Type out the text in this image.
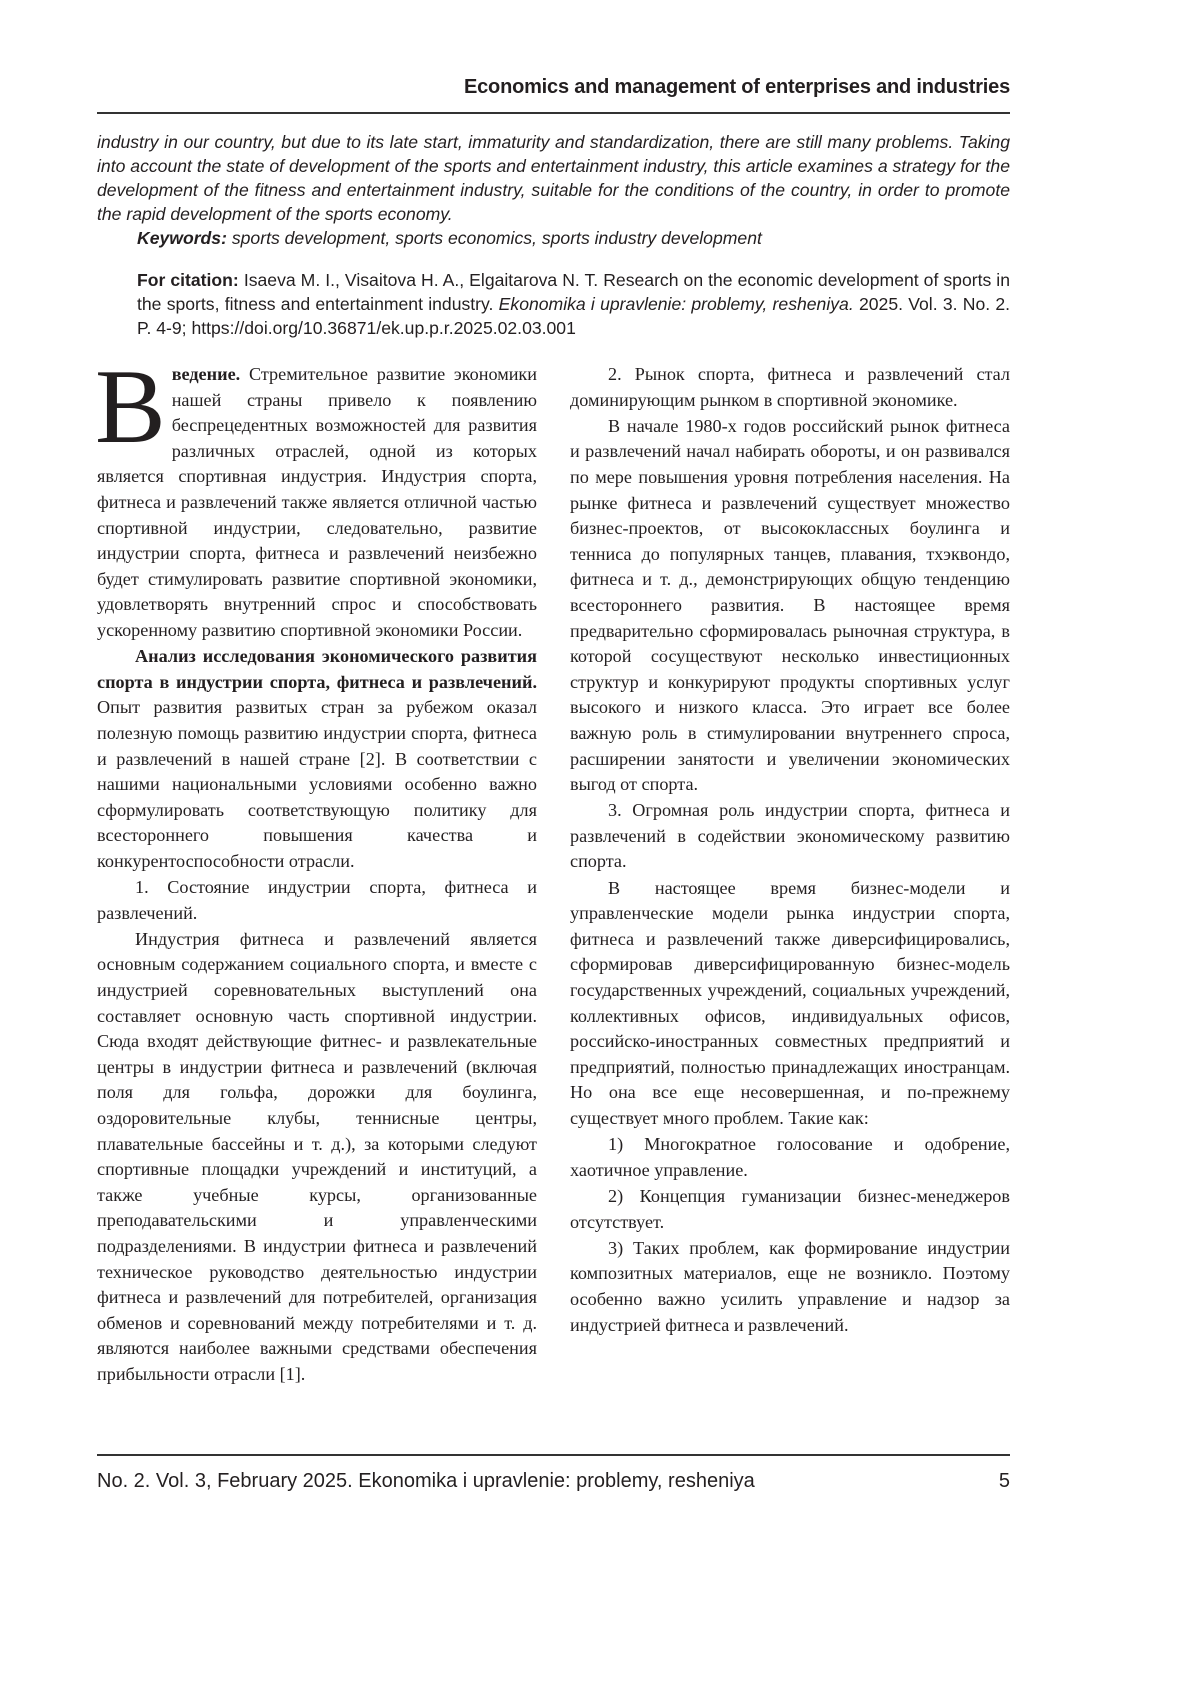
Economics and management of enterprises and industries

industry in our country, but due to its late start, immaturity and standardization, there are still many problems. Taking into account the state of development of the sports and entertainment industry, this article examines a strategy for the development of the fitness and entertainment industry, suitable for the conditions of the country, in order to promote the rapid development of the sports economy.

Keywords: sports development, sports economics, sports industry development

For citation: Isaeva M. I., Visaitova H. A., Elgaitarova N. T. Research on the economic development of sports in the sports, fitness and entertainment industry. Ekonomika i upravlenie: problemy, resheniya. 2025. Vol. 3. No. 2. P. 4-9; https://doi.org/10.36871/ek.up.p.r.2025.02.03.001

В ведение. Стремительное развитие экономики нашей страны привело к появлению беспрецедентных возможностей для развития различных отраслей, одной из которых является спортивная индустрия. Индустрия спорта, фитнеса и развлечений также является отличной частью спортивной индустрии, следовательно, развитие индустрии спорта, фитнеса и развлечений неизбежно будет стимулировать развитие спортивной экономики, удовлетворять внутренний спрос и способствовать ускоренному развитию спортивной экономики России.

Анализ исследования экономического развития спорта в индустрии спорта, фитнеса и развлечений. Опыт развития развитых стран за рубежом оказал полезную помощь развитию индустрии спорта, фитнеса и развлечений в нашей стране [2]. В соответствии с нашими национальными условиями особенно важно сформулировать соответствующую политику для всестороннего повышения качества и конкурентоспособности отрасли.

1. Состояние индустрии спорта, фитнеса и развлечений.

Индустрия фитнеса и развлечений является основным содержанием социального спорта, и вместе с индустрией соревновательных выступлений она составляет основную часть спортивной индустрии. Сюда входят действующие фитнес- и развлекательные центры в индустрии фитнеса и развлечений (включая поля для гольфа, дорожки для боулинга, оздоровительные клубы, теннисные центры, плавательные бассейны и т. д.), за которыми следуют спортивные площадки учреждений и институций, а также учебные курсы, организованные преподавательскими и управленческими подразделениями. В индустрии фитнеса и развлечений техническое руководство деятельностью индустрии фитнеса и развлечений для потребителей, организация обменов и соревнований между потребителями и т. д. являются наиболее важными средствами обеспечения прибыльности отрасли [1].

2. Рынок спорта, фитнеса и развлечений стал доминирующим рынком в спортивной экономике.

В начале 1980-х годов российский рынок фитнеса и развлечений начал набирать обороты, и он развивался по мере повышения уровня потребления населения. На рынке фитнеса и развлечений существует множество бизнес-проектов, от высококлассных боулинга и тенниса до популярных танцев, плавания, тхэквондо, фитнеса и т. д., демонстрирующих общую тенденцию всестороннего развития. В настоящее время предварительно сформировалась рыночная структура, в которой сосуществуют несколько инвестиционных структур и конкурируют продукты спортивных услуг высокого и низкого класса. Это играет все более важную роль в стимулировании внутреннего спроса, расширении занятости и увеличении экономических выгод от спорта.

3. Огромная роль индустрии спорта, фитнеса и развлечений в содействии экономическому развитию спорта.

В настоящее время бизнес-модели и управленческие модели рынка индустрии спорта, фитнеса и развлечений также диверсифицировались, сформировав диверсифицированную бизнес-модель государственных учреждений, социальных учреждений, коллективных офисов, индивидуальных офисов, российско-иностранных совместных предприятий и предприятий, полностью принадлежащих иностранцам. Но она все еще несовершенная, и по-прежнему существует много проблем. Такие как:

1) Многократное голосование и одобрение, хаотичное управление.

2) Концепция гуманизации бизнес-менеджеров отсутствует.

3) Таких проблем, как формирование индустрии композитных материалов, еще не возникло. Поэтому особенно важно усилить управление и надзор за индустрией фитнеса и развлечений.

No. 2. Vol. 3, February 2025. Ekonomika i upravlenie: problemy, resheniya	5
